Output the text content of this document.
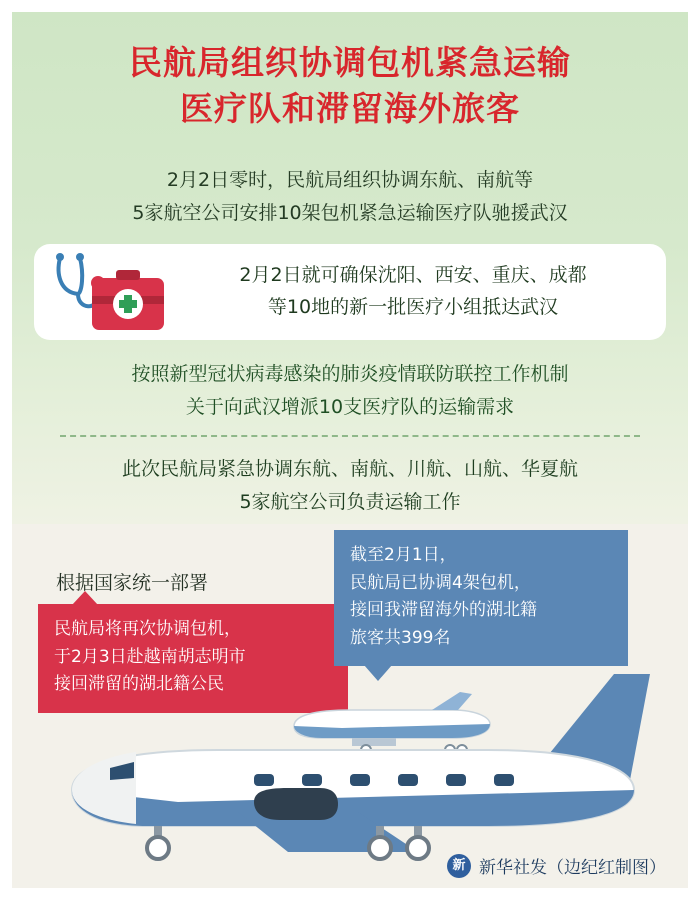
民航局组织协调包机紧急运输
医疗队和滞留海外旅客
2月2日零时，民航局组织协调东航、南航等
5家航空公司安排10架包机紧急运输医疗队驰援武汉
2月2日就可确保沈阳、西安、重庆、成都
等10地的新一批医疗小组抵达武汉
按照新型冠状病毒感染的肺炎疫情联防联控工作机制
关于向武汉增派10支医疗队的运输需求
此次民航局紧急协调东航、南航、川航、山航、华夏航
5家航空公司负责运输工作
根据国家统一部署
民航局将再次协调包机，
于2月3日赴越南胡志明市
接回滞留的湖北籍公民
截至2月1日，
民航局已协调4架包机，
接回我滞留海外的湖北籍
旅客共399名
新 新华社发（边纪红制图）
